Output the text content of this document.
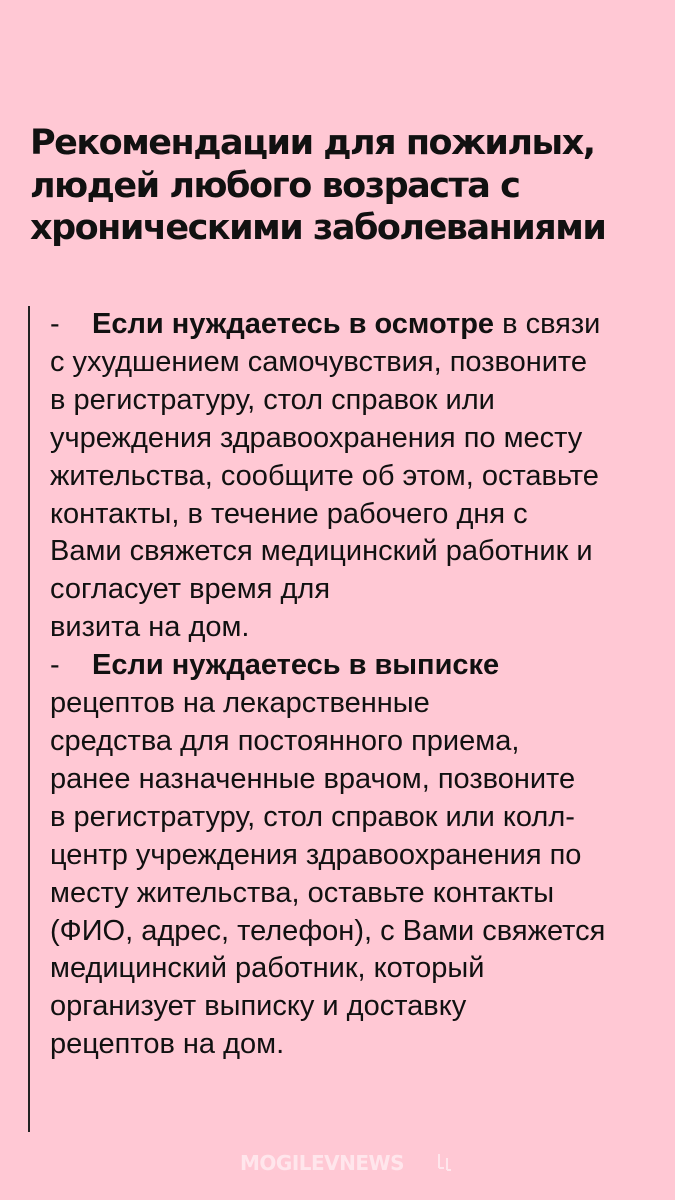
Рекомендации для пожилых,
людей любого возраста с
хроническими заболеваниями
- Если нуждаетесь в осмотре в связи
с ухудшением самочувствия, позвоните
в регистратуру, стол справок или
учреждения здравоохранения по месту
жительства, сообщите об этом, оставьте
контакты, в течение рабочего дня с
Вами свяжется медицинский работник и
согласует время для
визита на дом.
- Если нуждаетесь в выписке
рецептов на лекарственные
средства для постоянного приема,
ранее назначенные врачом, позвоните
в регистратуру, стол справок или колл-
центр учреждения здравоохранения по
месту жительства, оставьте контакты
(ФИО, адрес, телефон), с Вами свяжется
медицинский работник, который
организует выписку и доставку
рецептов на дом.
MOGILEVNEWS
